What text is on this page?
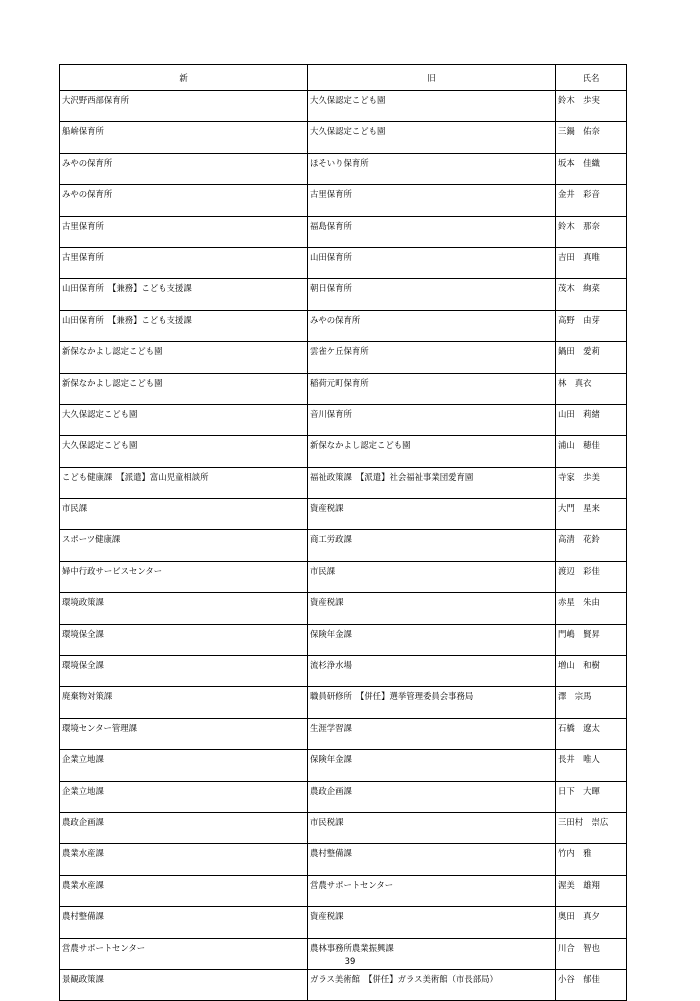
新	旧	氏名
大沢野西部保育所	大久保認定こども園	鈴木　歩実
船峅保育所	大久保認定こども園	三鍋　佑奈
みやの保育所	ほそいり保育所	坂本　佳織
みやの保育所	古里保育所	金井　彩音
古里保育所	福島保育所	鈴木　那奈
古里保育所	山田保育所	吉田　真唯
山田保育所　【兼務】こども支援課	朝日保育所	茂木　絢菜
山田保育所　【兼務】こども支援課	みやの保育所	高野　由芽
新保なかよし認定こども園	雲雀ケ丘保育所	鍋田　愛莉
新保なかよし認定こども園	稲荷元町保育所	林　真衣
大久保認定こども園	音川保育所	山田　莉緒
大久保認定こども園	新保なかよし認定こども園	浦山　穂佳
こども健康課　【派遣】富山児童相談所	福祉政策課　【派遣】社会福祉事業団愛育園	寺家　歩美
市民課	資産税課	大門　星来
スポーツ健康課	商工労政課	高清　花鈴
婦中行政サービスセンター	市民課	渡辺　彩佳
環境政策課	資産税課	赤星　朱由
環境保全課	保険年金課	門嶋　賢昇
環境保全課	流杉浄水場	増山　和樹
廃棄物対策課	職員研修所　【併任】選挙管理委員会事務局	澤　宗馬
環境センター管理課	生涯学習課	石橋　遼太
企業立地課	保険年金課	長井　唯人
企業立地課	農政企画課	日下　大暉
農政企画課	市民税課	三田村　崇広
農業水産課	農村整備課	竹内　雅
農業水産課	営農サポートセンター	渥美　雄翔
農村整備課	資産税課	奥田　真夕
営農サポートセンター	農林事務所農業振興課	川合　智也
景観政策課	ガラス美術館　【併任】ガラス美術館（市長部局）	小谷　郁佳
39
